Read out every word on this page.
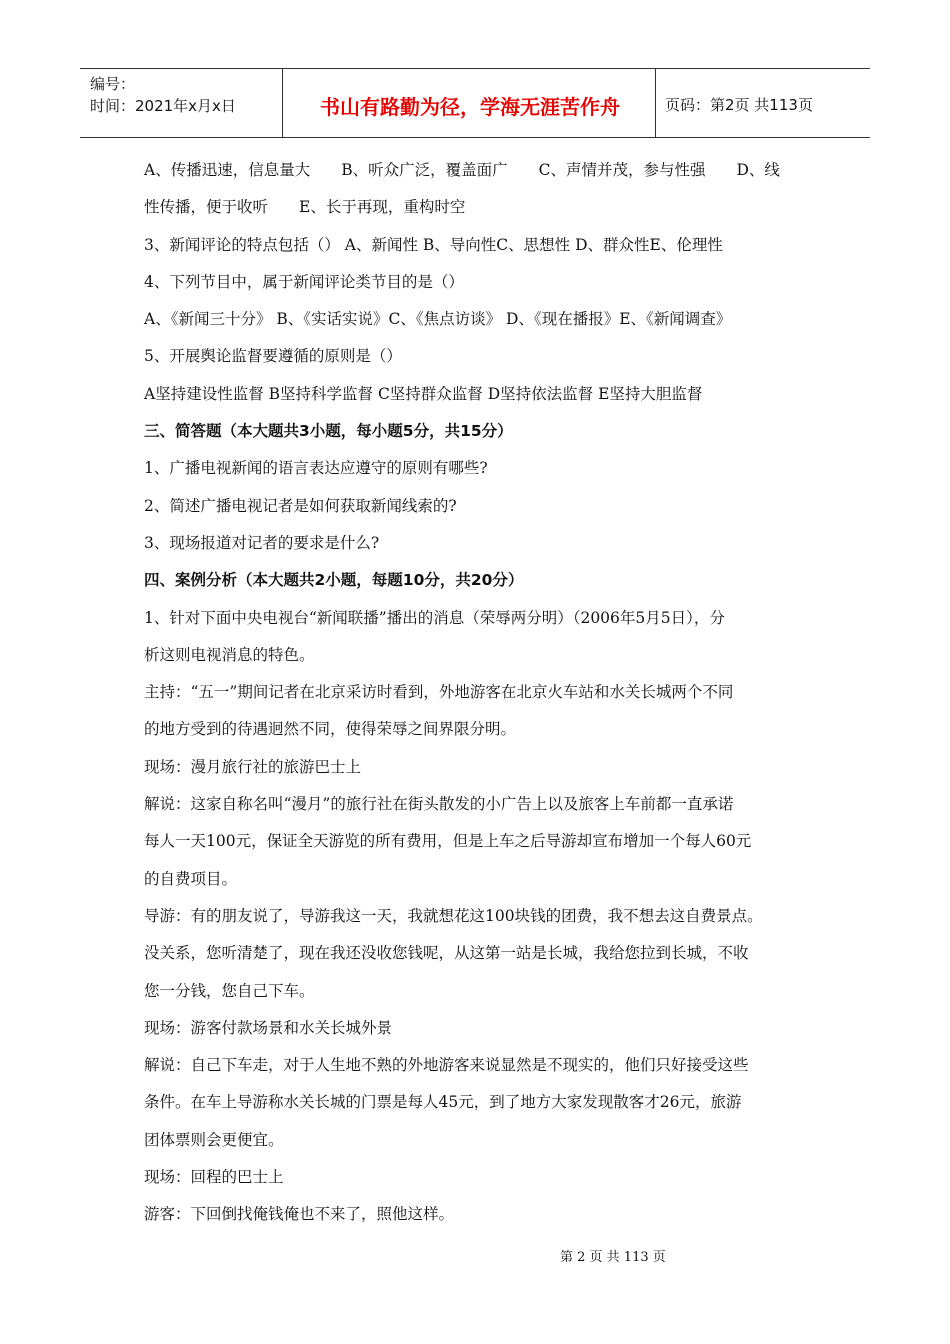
编号：
时间：2021年x月x日	书山有路勤为径，学海无涯苦作舟	页码：第2页 共113页
A、传播迅速，信息量大　　B、听众广泛，覆盖面广　　C、声情并茂，参与性强　　D、线
性传播，便于收听　　E、长于再现，重构时空
3、新闻评论的特点包括（） A、新闻性 B、导向性C、思想性 D、群众性E、伦理性
4、下列节目中，属于新闻评论类节目的是（）
A、《新闻三十分》 B、《实话实说》C、《焦点访谈》 D、《现在播报》E、《新闻调查》
5、开展舆论监督要遵循的原则是（）
A坚持建设性监督 B坚持科学监督 C坚持群众监督 D坚持依法监督 E坚持大胆监督
三、简答题（本大题共3小题，每小题5分，共15分）
1、广播电视新闻的语言表达应遵守的原则有哪些?
2、简述广播电视记者是如何获取新闻线索的?
3、现场报道对记者的要求是什么?
四、案例分析（本大题共2小题，每题10分，共20分）
1、针对下面中央电视台“新闻联播”播出的消息（荣辱两分明）（2006年5月5日），分
析这则电视消息的特色。
主持：“五一”期间记者在北京采访时看到，外地游客在北京火车站和水关长城两个不同
的地方受到的待遇迥然不同，使得荣辱之间界限分明。
现场：漫月旅行社的旅游巴士上
解说：这家自称名叫“漫月”的旅行社在街头散发的小广告上以及旅客上车前都一直承诺
每人一天100元，保证全天游览的所有费用，但是上车之后导游却宣布增加一个每人60元
的自费项目。
导游：有的朋友说了，导游我这一天，我就想花这100块钱的团费，我不想去这自费景点。
没关系，您听清楚了，现在我还没收您钱呢，从这第一站是长城，我给您拉到长城，不收
您一分钱，您自己下车。
现场：游客付款场景和水关长城外景
解说：自己下车走，对于人生地不熟的外地游客来说显然是不现实的，他们只好接受这些
条件。在车上导游称水关长城的门票是每人45元，到了地方大家发现散客才26元，旅游
团体票则会更便宜。
现场：回程的巴士上
游客：下回倒找俺钱俺也不来了，照他这样。
第 2 页 共 113 页
